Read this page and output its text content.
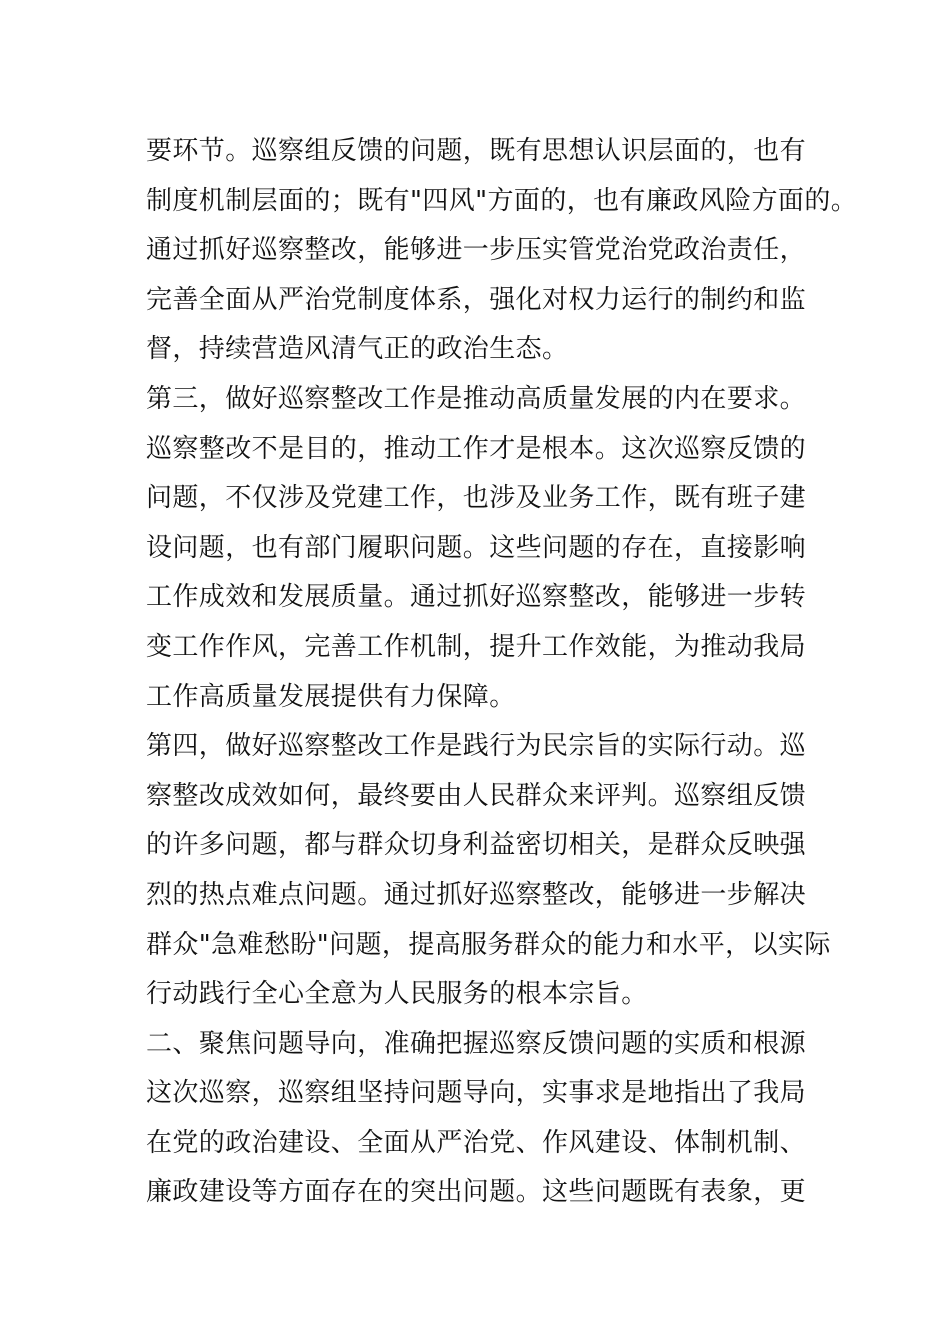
要环节。巡察组反馈的问题，既有思想认识层面的，也有
制度机制层面的；既有"四风"方面的，也有廉政风险方面的。
通过抓好巡察整改，能够进一步压实管党治党政治责任，
完善全面从严治党制度体系，强化对权力运行的制约和监
督，持续营造风清气正的政治生态。
第三，做好巡察整改工作是推动高质量发展的内在要求。
巡察整改不是目的，推动工作才是根本。这次巡察反馈的
问题，不仅涉及党建工作，也涉及业务工作，既有班子建
设问题，也有部门履职问题。这些问题的存在，直接影响
工作成效和发展质量。通过抓好巡察整改，能够进一步转
变工作作风，完善工作机制，提升工作效能，为推动我局
工作高质量发展提供有力保障。
第四，做好巡察整改工作是践行为民宗旨的实际行动。巡
察整改成效如何，最终要由人民群众来评判。巡察组反馈
的许多问题，都与群众切身利益密切相关，是群众反映强
烈的热点难点问题。通过抓好巡察整改，能够进一步解决
群众"急难愁盼"问题，提高服务群众的能力和水平，以实际
行动践行全心全意为人民服务的根本宗旨。
二、聚焦问题导向，准确把握巡察反馈问题的实质和根源
这次巡察，巡察组坚持问题导向，实事求是地指出了我局
在党的政治建设、全面从严治党、作风建设、体制机制、
廉政建设等方面存在的突出问题。这些问题既有表象，更
